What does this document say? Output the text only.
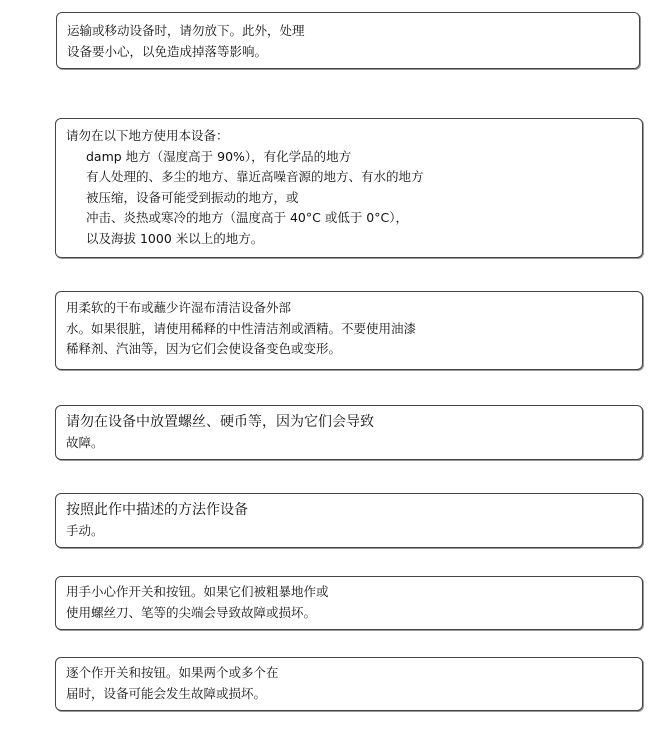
运输或移动设备时，请勿放下。此外，处理
设备要小心，以免造成掉落等影响。
请勿在以下地方使用本设备：
damp 地方（湿度高于 90%），有化学品的地方
有人处理的、多尘的地方、靠近高噪音源的地方、有水的地方
被压缩，设备可能受到振动的地方，或
冲击、炎热或寒冷的地方（温度高于 40°C 或低于 0°C），
以及海拔 1000 米以上的地方。
用柔软的干布或蘸少许湿布清洁设备外部
水。如果很脏，请使用稀释的中性清洁剂或酒精。不要使用油漆
稀释剂、汽油等，因为它们会使设备变色或变形。
请勿在设备中放置螺丝、硬币等，因为它们会导致
故障。
按照此作中描述的方法作设备
手动。
用手小心作开关和按钮。如果它们被粗暴地作或
使用螺丝刀、笔等的尖端会导致故障或损坏。
逐个作开关和按钮。如果两个或多个在
届时，设备可能会发生故障或损坏。
